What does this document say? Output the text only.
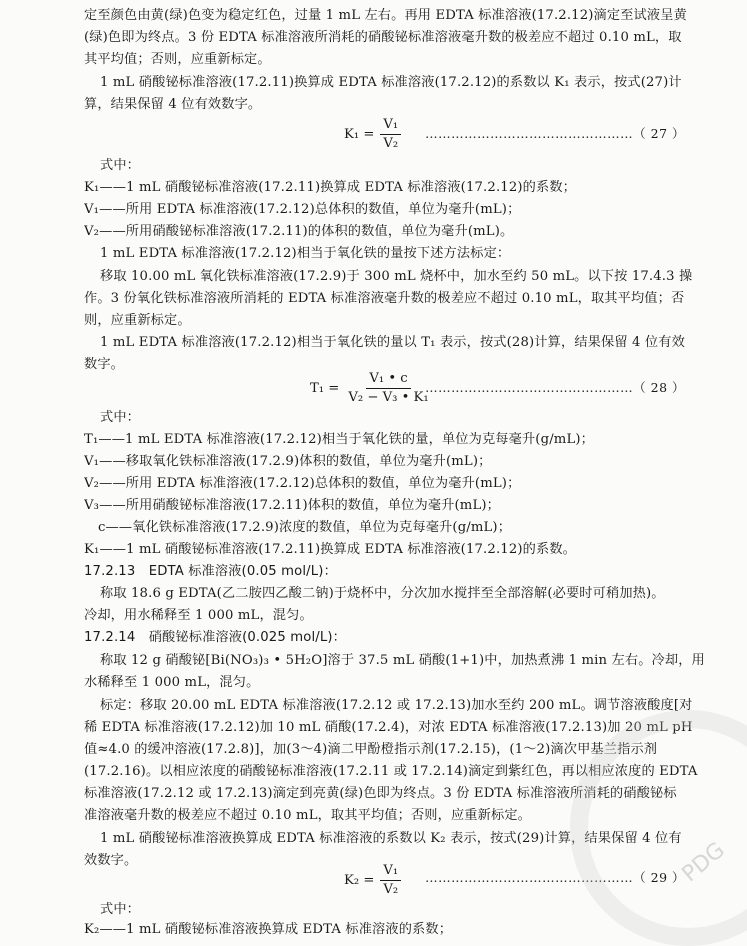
定至颜色由黄(绿)色变为稳定红色，过量 1 mL 左右。再用 EDTA 标准溶液(17.2.12)滴定至试液呈黄
(绿)色即为终点。3 份 EDTA 标准溶液所消耗的硝酸铋标准溶液毫升数的极差应不超过 0.10 mL，取
其平均值；否则，应重新标定。
1 mL 硝酸铋标准溶液(17.2.11)换算成 EDTA 标准溶液(17.2.12)的系数以 K₁ 表示，按式(27)计
算，结果保留 4 位有效数字。
$K_1 = \frac{\text{V₁}}{\text{V₂}}$ …………………………………………（ 27 ）
式中：
K₁——1 mL 硝酸铋标准溶液(17.2.11)换算成 EDTA 标准溶液(17.2.12)的系数；
V₁——所用 EDTA 标准溶液(17.2.12)总体积的数值，单位为毫升(mL)；
V₂——所用硝酸铋标准溶液(17.2.11)的体积的数值，单位为毫升(mL)。
1 mL EDTA 标准溶液(17.2.12)相当于氧化铁的量按下述方法标定：
移取 10.00 mL 氧化铁标准溶液(17.2.9)于 300 mL 烧杯中，加水至约 50 mL。以下按 17.4.3 操
作。3 份氧化铁标准溶液所消耗的 EDTA 标准溶液毫升数的极差应不超过 0.10 mL，取其平均值；否
则，应重新标定。
1 mL EDTA 标准溶液(17.2.12)相当于氧化铁的量以 T₁ 表示，按式(28)计算，结果保留 4 位有效
数字。
$T_1 = \frac{\text{V₁ • c}}{\text{V₂ − V₃ • K₁}}$
…………………………………………（ 28 ）
式中：
T₁——1 mL EDTA 标准溶液(17.2.12)相当于氧化铁的量，单位为克每毫升(g/mL)；
V₁——移取氧化铁标准溶液(17.2.9)体积的数值，单位为毫升(mL)；
V₂——所用 EDTA 标准溶液(17.2.12)总体积的数值，单位为毫升(mL)；
V₃——所用硝酸铋标准溶液(17.2.11)体积的数值，单位为毫升(mL)；
c——氧化铁标准溶液(17.2.9)浓度的数值，单位为克每毫升(g/mL)；
K₁——1 mL 硝酸铋标准溶液(17.2.11)换算成 EDTA 标准溶液(17.2.12)的系数。
17.2.13　EDTA 标准溶液(0.05 mol/L)：
称取 18.6 g EDTA(乙二胺四乙酸二钠)于烧杯中，分次加水搅拌至全部溶解(必要时可稍加热)。
冷却，用水稀释至 1 000 mL，混匀。
17.2.14　硝酸铋标准溶液(0.025 mol/L)：
称取 12 g 硝酸铋[Bi(NO₃)₃ • 5H₂O]溶于 37.5 mL 硝酸(1+1)中，加热煮沸 1 min 左右。冷却，用
水稀释至 1 000 mL，混匀。
标定：移取 20.00 mL EDTA 标准溶液(17.2.12 或 17.2.13)加水至约 200 mL。调节溶液酸度[对
稀 EDTA 标准溶液(17.2.12)加 10 mL 硝酸(17.2.4)，对浓 EDTA 标准溶液(17.2.13)加 20 mL pH
值≈4.0 的缓冲溶液(17.2.8)]，加(3～4)滴二甲酚橙指示剂(17.2.15)，(1～2)滴次甲基兰指示剂
(17.2.16)。以相应浓度的硝酸铋标准溶液(17.2.11 或 17.2.14)滴定到紫红色，再以相应浓度的 EDTA
标准溶液(17.2.12 或 17.2.13)滴定到亮黄(绿)色即为终点。3 份 EDTA 标准溶液所消耗的硝酸铋标
准溶液毫升数的极差应不超过 0.10 mL，取其平均值；否则，应重新标定。
1 mL 硝酸铋标准溶液换算成 EDTA 标准溶液的系数以 K₂ 表示，按式(29)计算，结果保留 4 位有
效数字。
$K_2 = \frac{\text{V₁}}{\text{V₂}}$ …………………………………………（ 29 ）
式中：
K₂——1 mL 硝酸铋标准溶液换算成 EDTA 标准溶液的系数；
PDG
